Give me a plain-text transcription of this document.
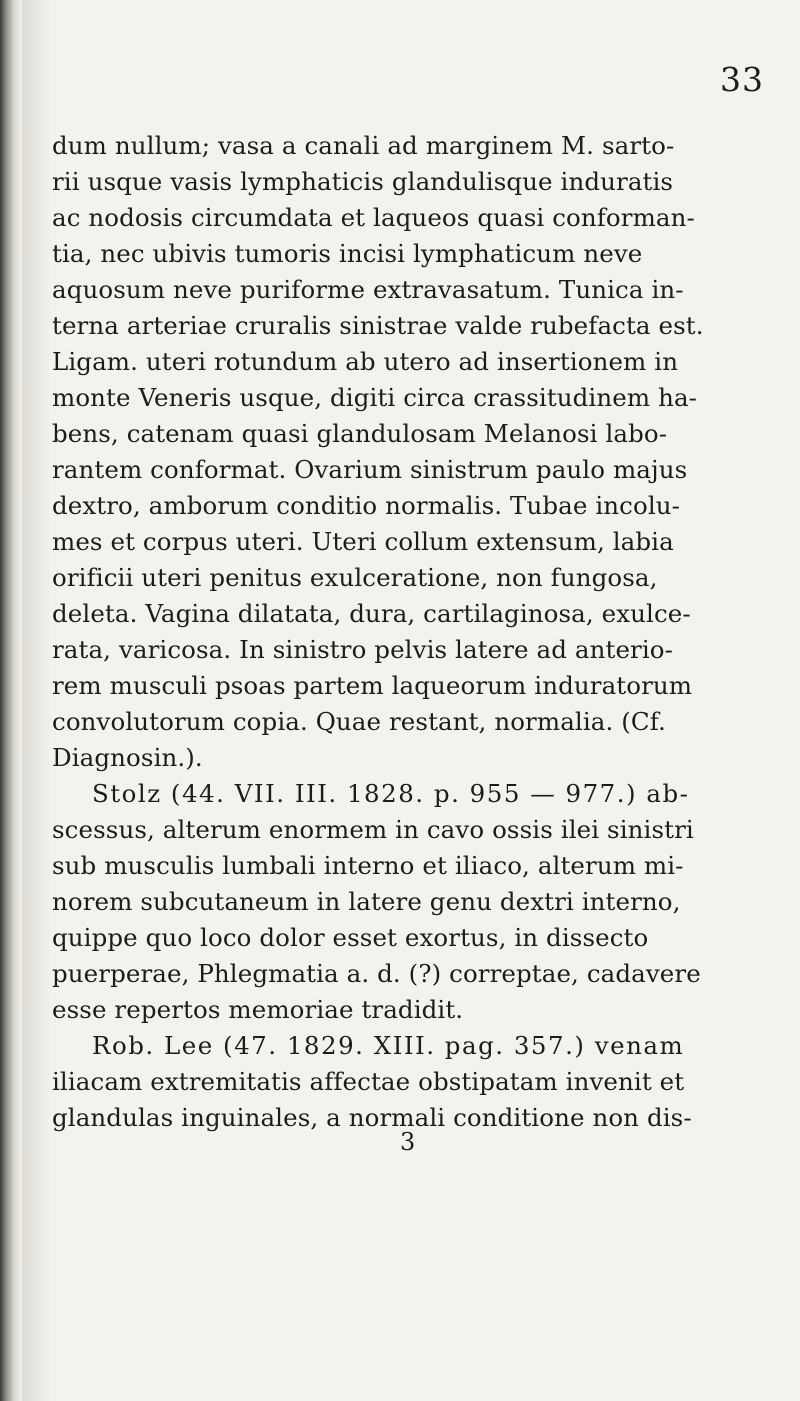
33
dum nullum; vasa a canali ad marginem M. sarto-
rii usque vasis lymphaticis glandulisque induratis
ac nodosis circumdata et laqueos quasi conforman-
tia, nec ubivis tumoris incisi lymphaticum neve
aquosum neve puriforme extravasatum. Tunica in-
terna arteriae cruralis sinistrae valde rubefacta est.
Ligam. uteri rotundum ab utero ad insertionem in
monte Veneris usque, digiti circa crassitudinem ha-
bens, catenam quasi glandulosam Melanosi labo-
rantem conformat. Ovarium sinistrum paulo majus
dextro, amborum conditio normalis. Tubae incolu-
mes et corpus uteri. Uteri collum extensum, labia
orificii uteri penitus exulceratione, non fungosa,
deleta. Vagina dilatata, dura, cartilaginosa, exulce-
rata, varicosa. In sinistro pelvis latere ad anterio-
rem musculi psoas partem laqueorum induratorum
convolutorum copia. Quae restant, normalia. (Cf.
Diagnosin.).
Stolz (44. VII. III. 1828. p. 955 — 977.) ab-
scessus, alterum enormem in cavo ossis ilei sinistri
sub musculis lumbali interno et iliaco, alterum mi-
norem subcutaneum in latere genu dextri interno,
quippe quo loco dolor esset exortus, in dissecto
puerperae, Phlegmatia a. d. (?) correptae, cadavere
esse repertos memoriae tradidit.
Rob. Lee (47. 1829. XIII. pag. 357.) venam
iliacam extremitatis affectae obstipatam invenit et
glandulas inguinales, a normali conditione non dis-
3
